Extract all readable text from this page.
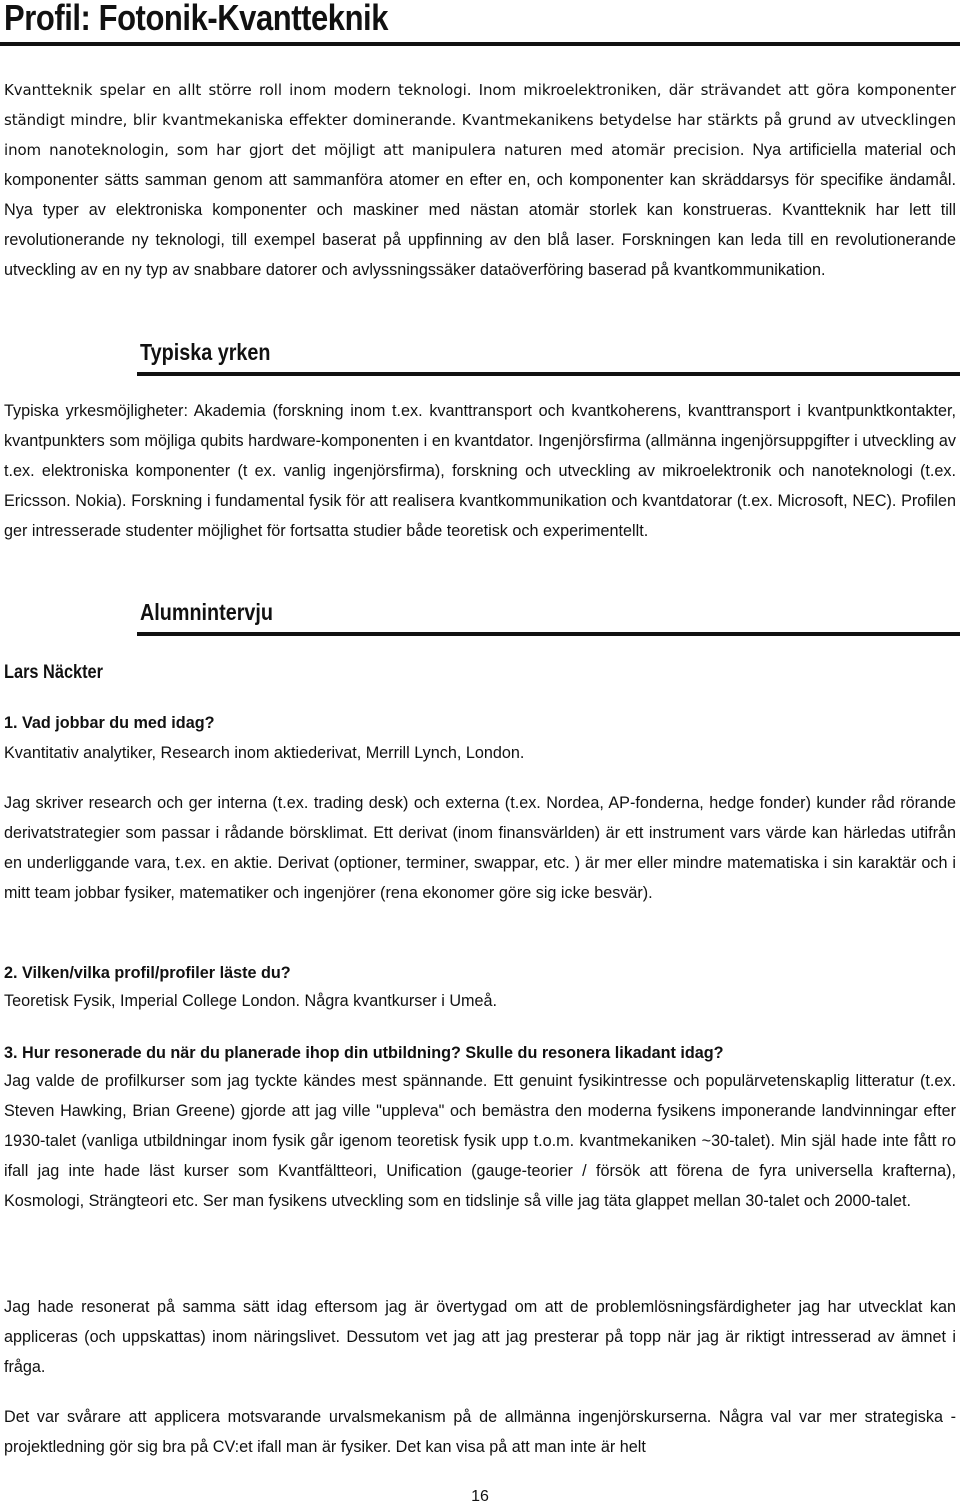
Profil: Fotonik-Kvantteknik

Kvantteknik spelar en allt större roll inom modern teknologi. Inom mikroelektroniken, där strävandet att göra komponenter ständigt mindre, blir kvantmekaniska effekter dominerande. Kvantmekanikens betydelse har stärkts på grund av utvecklingen inom nanoteknologin, som har gjort det möjligt att manipulera naturen med atomär precision. Nya artificiella material och komponenter sätts samman genom att sammanföra atomer en efter en, och komponenter kan skräddarsys för specifike ändamål. Nya typer av elektroniska komponenter och maskiner med nästan atomär storlek kan konstrueras. Kvantteknik har lett till revolutionerande ny teknologi, till exempel baserat på uppfinning av den blå laser. Forskningen kan leda till en revolutionerande utveckling av en ny typ av snabbare datorer och avlyssningssäker dataöverföring baserad på kvantkommunikation.

Typiska yrken

Typiska yrkesmöjligheter: Akademia (forskning inom t.ex. kvanttransport och kvantkoherens, kvanttransport i kvantpunktkontakter, kvantpunkters som möjliga qubits hardware-komponenten i en kvantdator. Ingenjörsfirma (allmänna ingenjörsuppgifter i utveckling av t.ex. elektroniska komponenter (t ex. vanlig ingenjörsfirma), forskning och utveckling av mikroelektronik och nanoteknologi (t.ex. Ericsson. Nokia). Forskning i fundamental fysik för att realisera kvantkommunikation och kvantdatorar (t.ex. Microsoft, NEC). Profilen ger intresserade studenter möjlighet för fortsatta studier både teoretisk och experimentellt.

Alumnintervju
Lars Näckter

1. Vad jobbar du med idag?

Kvantitativ analytiker, Research inom aktiederivat, Merrill Lynch, London.

Jag skriver research och ger interna (t.ex. trading desk) och externa (t.ex. Nordea, AP-fonderna, hedge fonder) kunder råd rörande derivatstrategier som passar i rådande börsklimat. Ett derivat (inom finansvärlden) är ett instrument vars värde kan härledas utifrån en underliggande vara, t.ex. en aktie. Derivat (optioner, terminer, swappar, etc. ) är mer eller mindre matematiska i sin karaktär och i mitt team jobbar fysiker, matematiker och ingenjörer (rena ekonomer göre sig icke besvär).

2. Vilken/vilka profil/profiler läste du?

Teoretisk Fysik, Imperial College London. Några kvantkurser i Umeå.

3. Hur resonerade du när du planerade ihop din utbildning? Skulle du resonera likadant idag?

Jag valde de profilkurser som jag tyckte kändes mest spännande. Ett genuint fysikintresse och populärvetenskaplig litteratur (t.ex. Steven Hawking, Brian Greene) gjorde att jag ville "uppleva" och bemästra den moderna fysikens imponerande landvinningar efter 1930-talet (vanliga utbildningar inom fysik går igenom teoretisk fysik upp t.o.m. kvantmekaniken ~30-talet). Min själ hade inte fått ro ifall jag inte hade läst kurser som Kvantfältteori, Unification (gauge-teorier / försök att förena de fyra universella krafterna), Kosmologi, Strängteori etc. Ser man fysikens utveckling som en tidslinje så ville jag täta glappet mellan 30-talet och 2000-talet.

Jag hade resonerat på samma sätt idag eftersom jag är övertygad om att de problemlösningsfärdigheter jag har utvecklat kan appliceras (och uppskattas) inom näringslivet. Dessutom vet jag att jag presterar på topp när jag är riktigt intresserad av ämnet i fråga.

Det var svårare att applicera motsvarande urvalsmekanism på de allmänna ingenjörskurserna. Några val var mer strategiska - projektledning gör sig bra på CV:et ifall man är fysiker. Det kan visa på att man inte är helt

16
